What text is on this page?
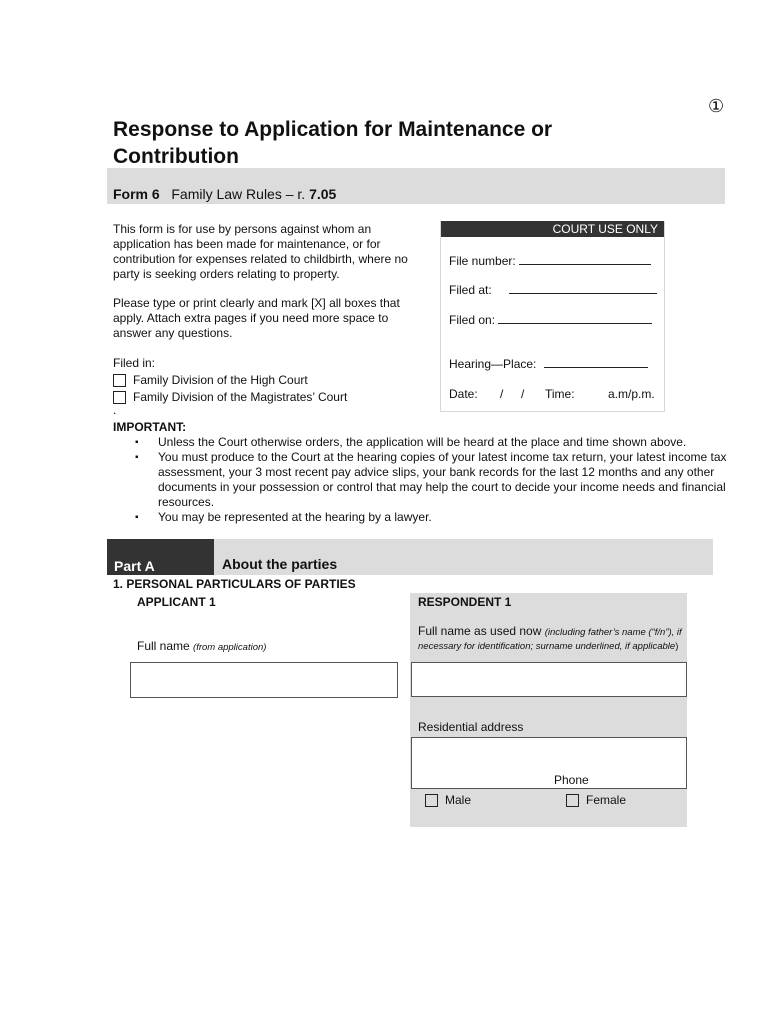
①
Response to Application for Maintenance or Contribution
Form 6 Family Law Rules – r. 7.05

This form is for use by persons against whom an application has been made for maintenance, or for contribution for expenses related to childbirth, where no party is seeking orders relating to property.

Please type or print clearly and mark [X] all boxes that apply. Attach extra pages if you need more space to answer any questions.

Filed in:
Family Division of the High Court
Family Division of the Magistrates’ Court
.
COURT USE ONLY
File number:
Filed at:
Filed on:
Hearing—Place:
Date: / / Time:	a.m/p.m.
IMPORTANT:
▪ Unless the Court otherwise orders, the application will be heard at the place and time shown above.
▪ You must produce to the Court at the hearing copies of your latest income tax return, your latest income tax assessment, your 3 most recent pay advice slips, your bank records for the last 12 months and any other documents in your possession or control that may help the court to decide your income needs and financial resources.
▪ You may be represented at the hearing by a lawyer.
Part A	About the parties
1. PERSONAL PARTICULARS OF PARTIES
APPLICANT 1	RESPONDENT 1
Full name (from application)
Full name as used now (including father’s name (“f/n”), if necessary for identification; surname underlined, if applicable)
Residential address
Phone
Male	Female
